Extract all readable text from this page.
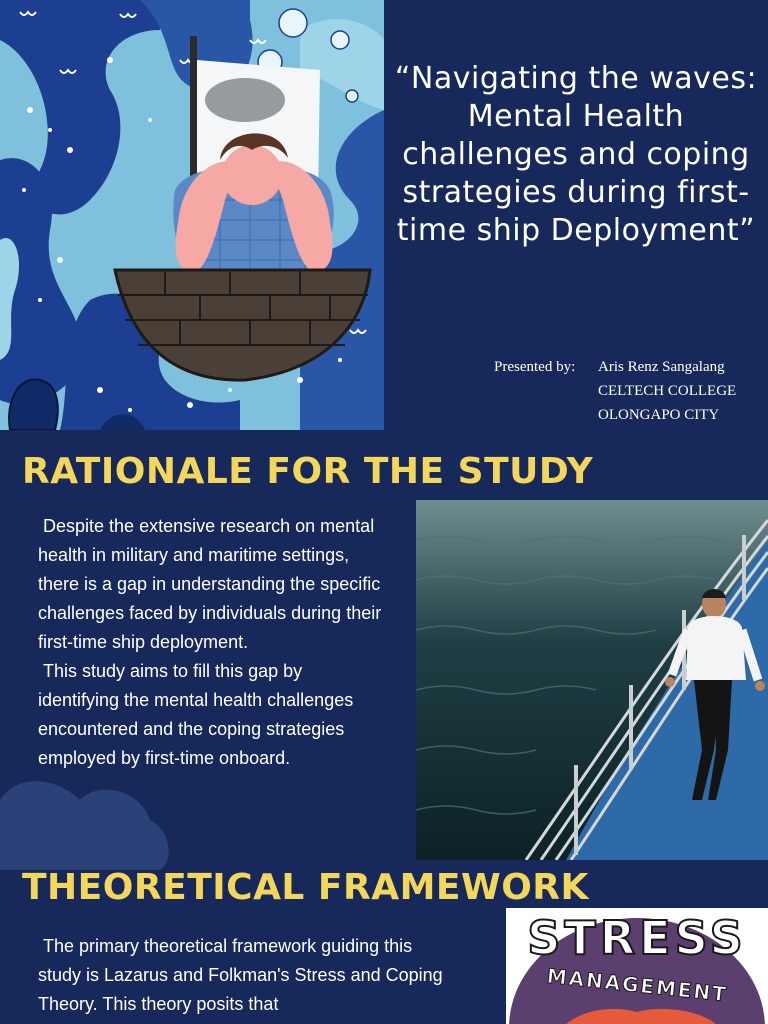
“Navigating the waves: Mental Health challenges and coping strategies during first-time ship Deployment”
Presented by:	Aris Renz Sangalang
CELTECH COLLEGE
OLONGAPO CITY
RATIONALE FOR THE STUDY

Despite the extensive research on mental health in military and maritime settings, there is a gap in understanding the specific challenges faced by individuals during their first-time ship deployment.

This study aims to fill this gap by identifying the mental health challenges encountered and the coping strategies employed by first-time onboard.

THEORETICAL FRAMEWORK

The primary theoretical framework guiding this study is Lazarus and Folkman's Stress and Coping Theory. This theory posits that

STRESS
MANAGEMENT
